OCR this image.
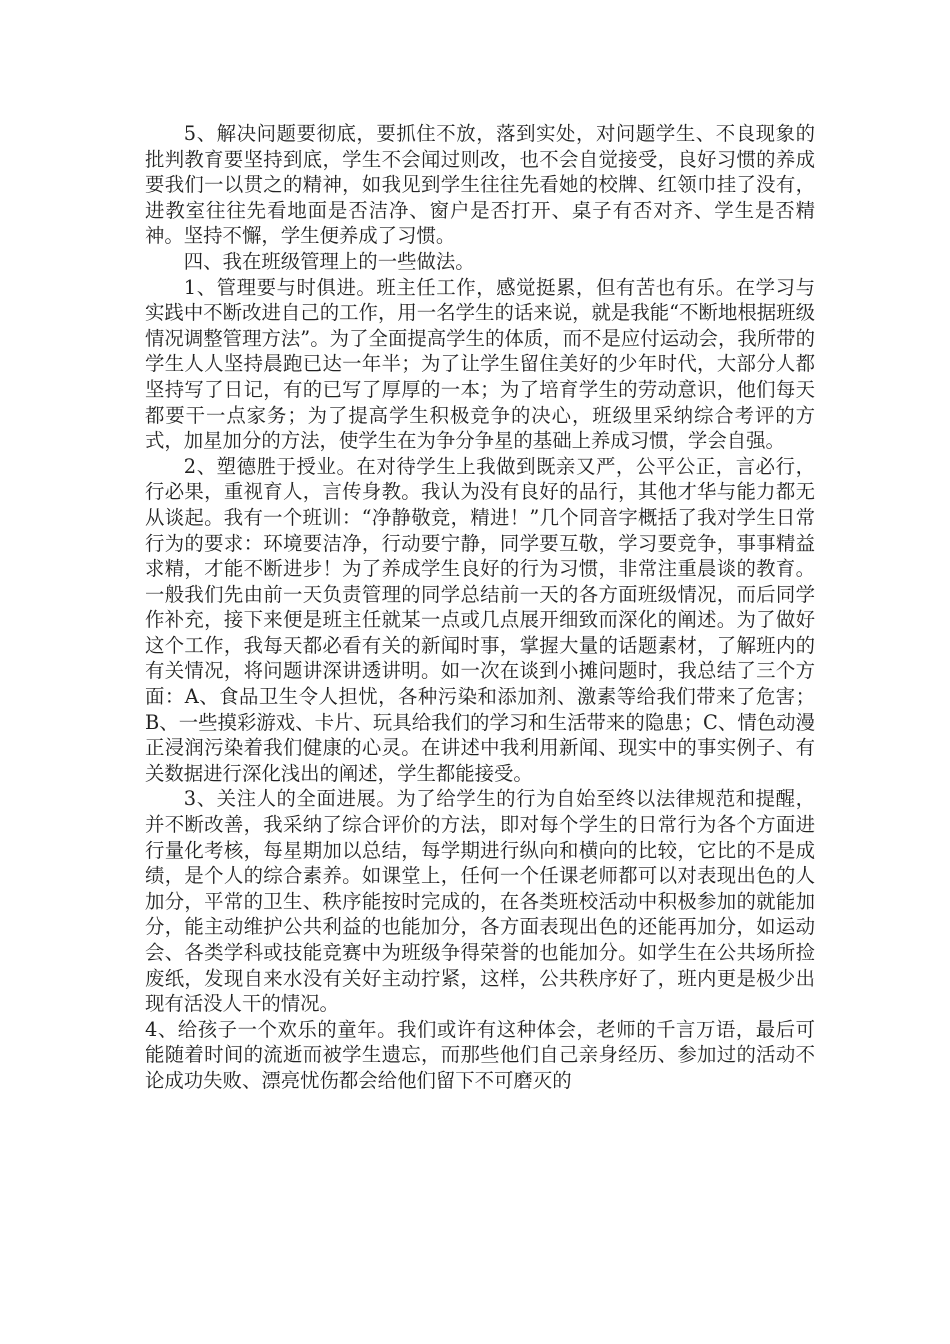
5、解决问题要彻底，要抓住不放，落到实处，对问题学生、不良现象的批判教育要坚持到底，学生不会闻过则改，也不会自觉接受，良好习惯的养成要我们一以贯之的精神，如我见到学生往往先看她的校牌、红领巾挂了没有，进教室往往先看地面是否洁净、窗户是否打开、桌子有否对齐、学生是否精神。坚持不懈，学生便养成了习惯。

四、我在班级管理上的一些做法。

1、管理要与时俱进。班主任工作，感觉挺累，但有苦也有乐。在学习与实践中不断改进自己的工作，用一名学生的话来说，就是我能“不断地根据班级情况调整管理方法”。为了全面提高学生的体质，而不是应付运动会，我所带的学生人人坚持晨跑已达一年半；为了让学生留住美好的少年时代，大部分人都坚持写了日记，有的已写了厚厚的一本；为了培育学生的劳动意识，他们每天都要干一点家务；为了提高学生积极竞争的决心，班级里采纳综合考评的方式，加星加分的方法，使学生在为争分争星的基础上养成习惯，学会自强。

2、塑德胜于授业。在对待学生上我做到既亲又严，公平公正，言必行，行必果，重视育人，言传身教。我认为没有良好的品行，其他才华与能力都无从谈起。我有一个班训：“净静敬竞，精进！”几个同音字概括了我对学生日常行为的要求：环境要洁净，行动要宁静，同学要互敬，学习要竞争，事事精益求精，才能不断进步！为了养成学生良好的行为习惯，非常注重晨谈的教育。一般我们先由前一天负责管理的同学总结前一天的各方面班级情况，而后同学作补充，接下来便是班主任就某一点或几点展开细致而深化的阐述。为了做好这个工作，我每天都必看有关的新闻时事，掌握大量的话题素材，了解班内的有关情况，将问题讲深讲透讲明。如一次在谈到小摊问题时，我总结了三个方面：A、食品卫生令人担忧，各种污染和添加剂、激素等给我们带来了危害；B、一些摸彩游戏、卡片、玩具给我们的学习和生活带来的隐患；C、情色动漫正浸润污染着我们健康的心灵。在讲述中我利用新闻、现实中的事实例子、有关数据进行深化浅出的阐述，学生都能接受。

3、关注人的全面进展。为了给学生的行为自始至终以法律规范和提醒，并不断改善，我采纳了综合评价的方法，即对每个学生的日常行为各个方面进行量化考核，每星期加以总结，每学期进行纵向和横向的比较，它比的不是成绩，是个人的综合素养。如课堂上，任何一个任课老师都可以对表现出色的人加分，平常的卫生、秩序能按时完成的，在各类班校活动中积极参加的就能加分，能主动维护公共利益的也能加分，各方面表现出色的还能再加分，如运动会、各类学科或技能竞赛中为班级争得荣誉的也能加分。如学生在公共场所捡废纸，发现自来水没有关好主动拧紧，这样，公共秩序好了，班内更是极少出现有活没人干的情况。

4、给孩子一个欢乐的童年。我们或许有这种体会，老师的千言万语，最后可能随着时间的流逝而被学生遗忘，而那些他们自己亲身经历、参加过的活动不论成功失败、漂亮忧伤都会给他们留下不可磨灭的
